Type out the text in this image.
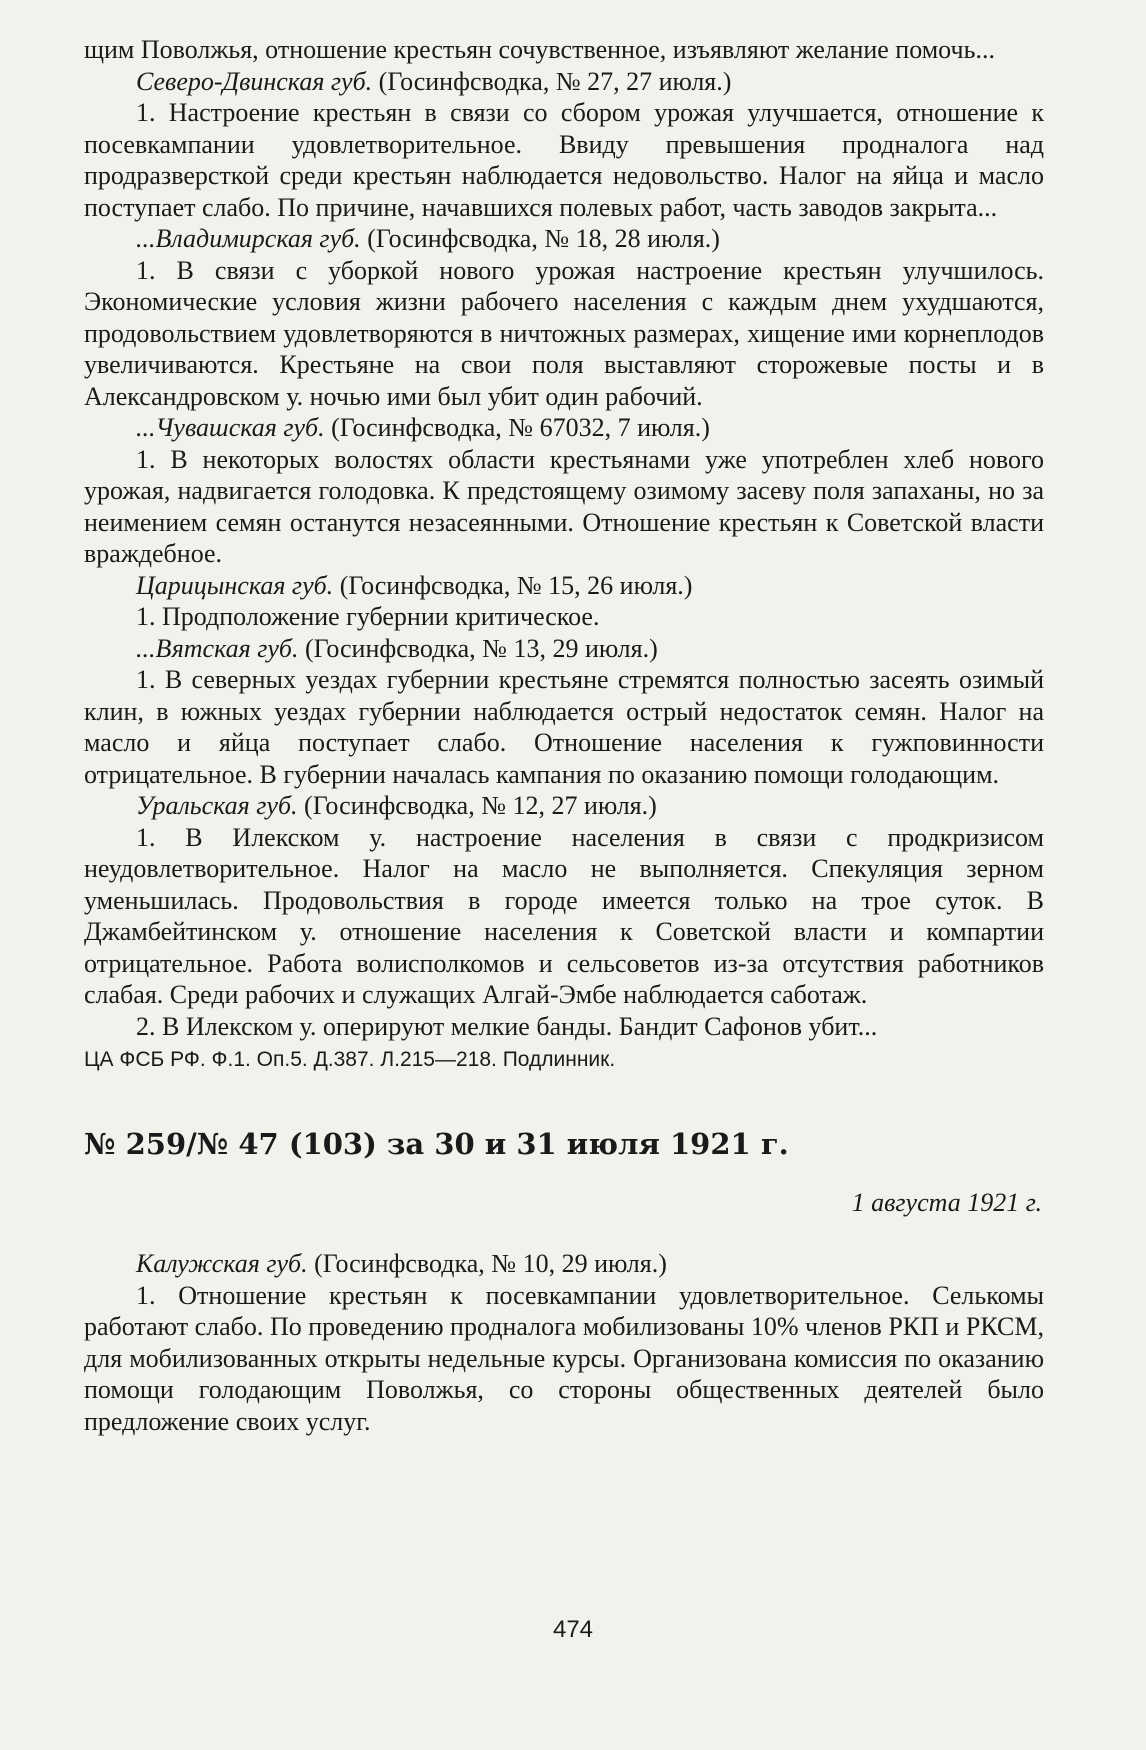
щим Поволжья, отношение крестьян сочувственное, изъявляют желание помочь...

Северо-Двинская губ. (Госинфсводка, № 27, 27 июля.)

1. Настроение крестьян в связи со сбором урожая улучшается, отношение к посевкампании удовлетворительное. Ввиду превышения продналога над продразверсткой среди крестьян наблюдается недовольство. Налог на яйца и масло поступает слабо. По причине, начавшихся полевых работ, часть заводов закрыта...

...Владимирская губ. (Госинфсводка, № 18, 28 июля.)

1. В связи с уборкой нового урожая настроение крестьян улучшилось. Экономические условия жизни рабочего населения с каждым днем ухудшаются, продовольствием удовлетворяются в ничтожных размерах, хищение ими корнеплодов увеличиваются. Крестьяне на свои поля выставляют сторожевые посты и в Александровском у. ночью ими был убит один рабочий.

...Чувашская губ. (Госинфсводка, № 67032, 7 июля.)

1. В некоторых волостях области крестьянами уже употреблен хлеб нового урожая, надвигается голодовка. К предстоящему озимому засеву поля запаханы, но за неимением семян останутся незасеянными. Отношение крестьян к Советской власти враждебное.

Царицынская губ. (Госинфсводка, № 15, 26 июля.)

1. Продположение губернии критическое.

...Вятская губ. (Госинфсводка, № 13, 29 июля.)

1. В северных уездах губернии крестьяне стремятся полностью засеять озимый клин, в южных уездах губернии наблюдается острый недостаток семян. Налог на масло и яйца поступает слабо. Отношение населения к гужповинности отрицательное. В губернии началась кампания по оказанию помощи голодающим.

Уральская губ. (Госинфсводка, № 12, 27 июля.)

1. В Илекском у. настроение населения в связи с продкризисом неудовлетворительное. Налог на масло не выполняется. Спекуляция зерном уменьшилась. Продовольствия в городе имеется только на трое суток. В Джамбейтинском у. отношение населения к Советской власти и компартии отрицательное. Работа волисполкомов и сельсоветов из-за отсутствия работников слабая. Среди рабочих и служащих Алгай-Эмбе наблюдается саботаж.

2. В Илекском у. оперируют мелкие банды. Бандит Сафонов убит...

ЦА ФСБ РФ. Ф.1. Оп.5. Д.387. Л.215—218. Подлинник.
№ 259/№ 47 (103) за 30 и 31 июля 1921 г.
1 августа 1921 г.

Калужская губ. (Госинфсводка, № 10, 29 июля.)

1. Отношение крестьян к посевкампании удовлетворительное. Селькомы работают слабо. По проведению продналога мобилизованы 10% членов РКП и РКСМ, для мобилизованных открыты недельные курсы. Организована комиссия по оказанию помощи голодающим Поволжья, со стороны общественных деятелей было предложение своих услуг.

474
